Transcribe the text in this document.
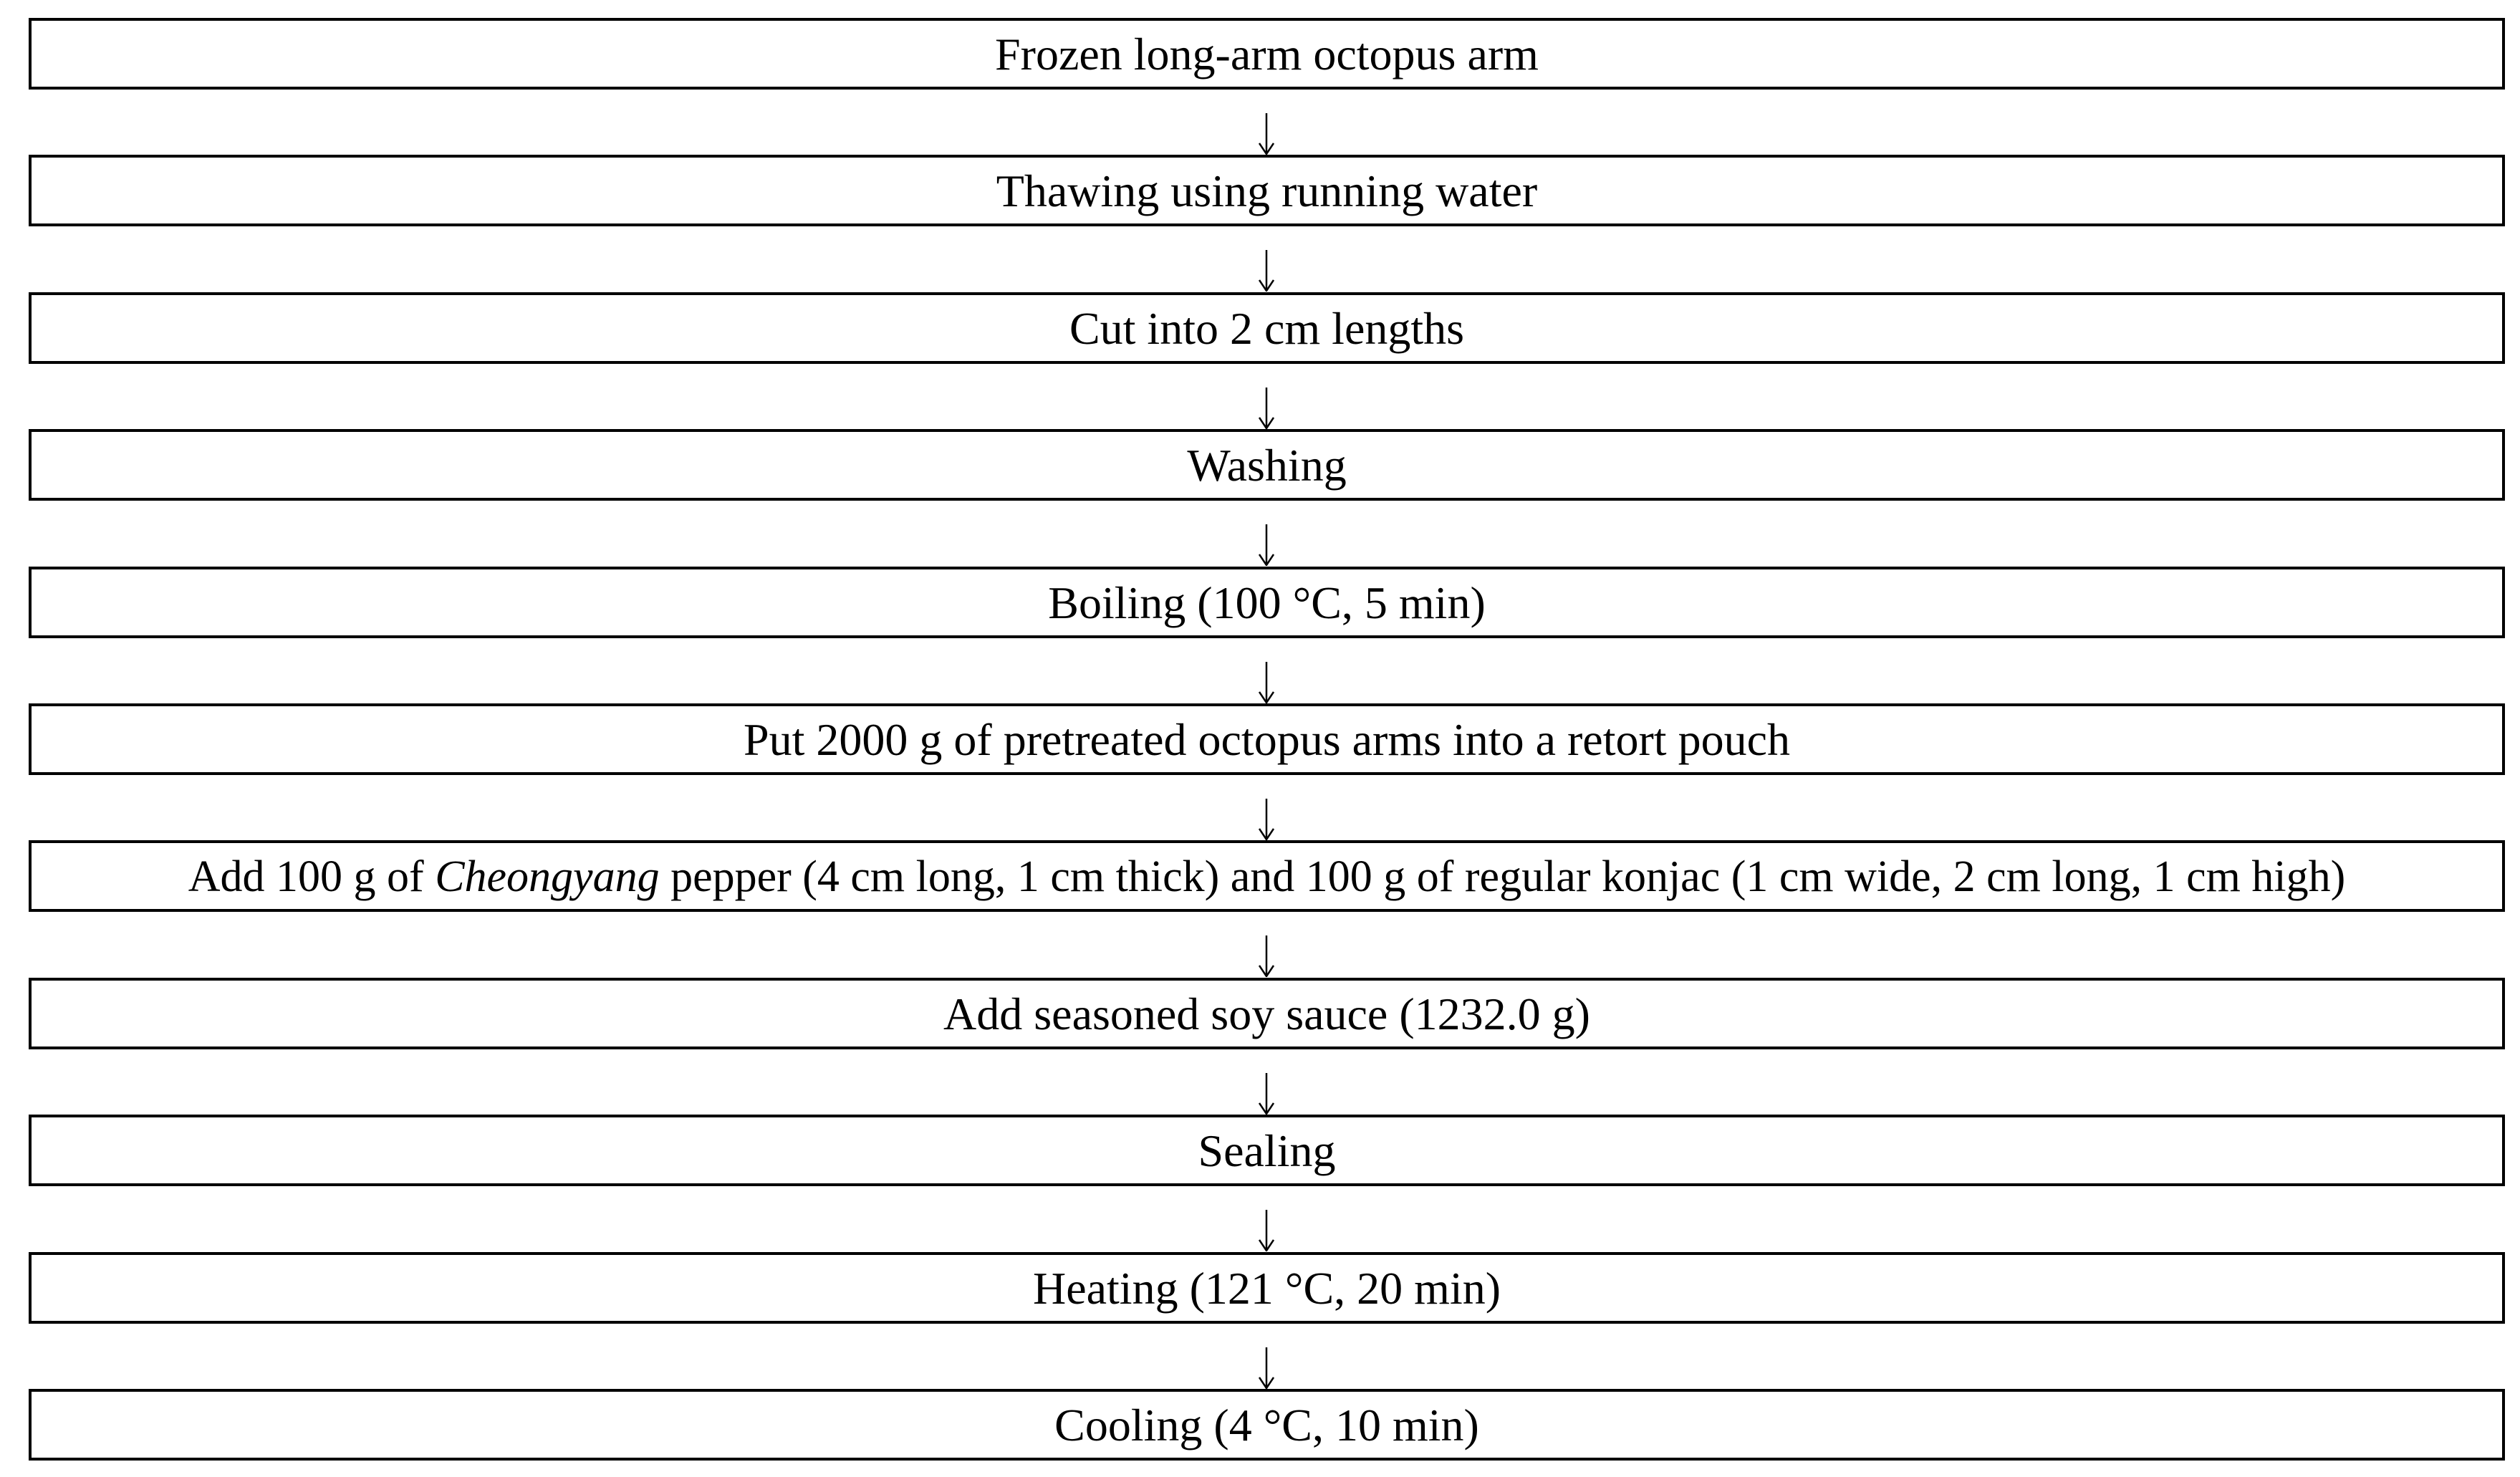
Frozen long-arm octopus arm
Thawing using running water
Cut into 2 cm lengths
Washing
Boiling (100 °C, 5 min)
Put 2000 g of pretreated octopus arms into a retort pouch
Add 100 g of Cheongyang pepper (4 cm long, 1 cm thick) and 100 g of regular konjac (1 cm wide, 2 cm long, 1 cm high)
Add seasoned soy sauce (1232.0 g)
Sealing
Heating (121 °C, 20 min)
Cooling (4 °C, 10 min)
